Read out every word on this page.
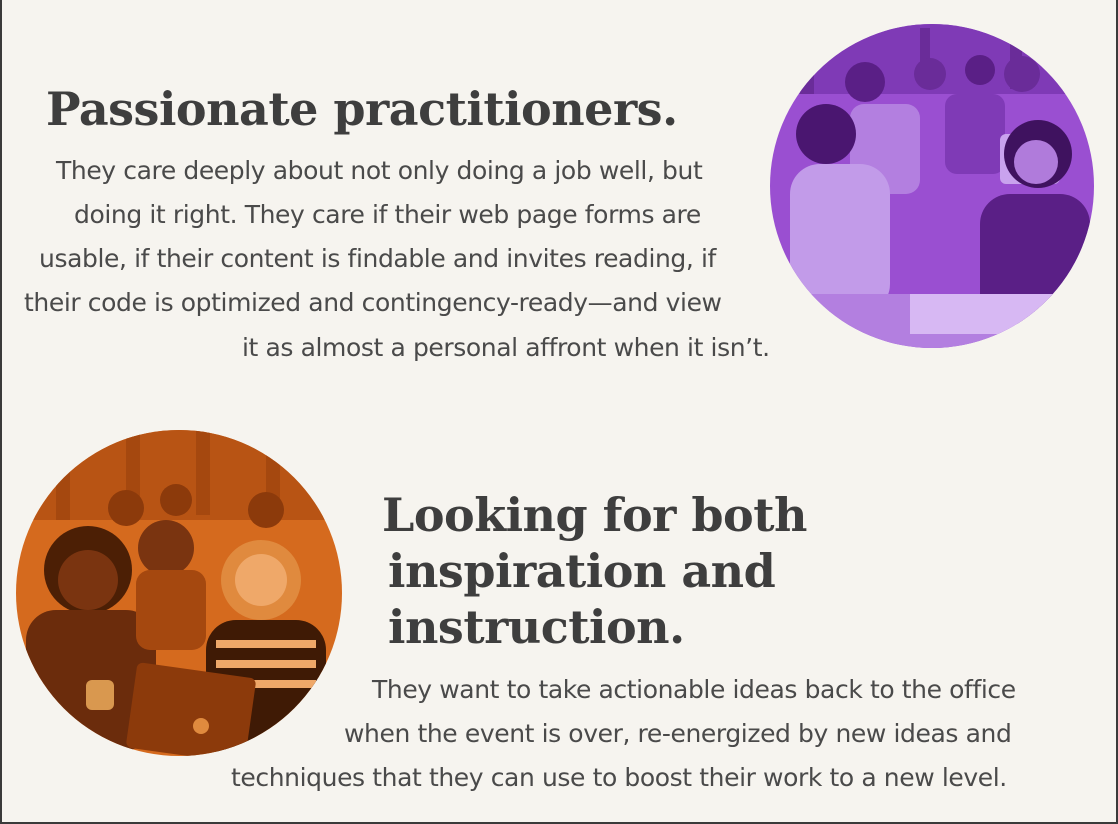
Passionate practitioners.
They care deeply about not only doing a job well, but
doing it right. They care if their web page forms are
usable, if their content is findable and invites reading, if
their code is optimized and contingency-ready—and view
it as almost a personal affront when it isn’t.
Looking for both
inspiration and
instruction.
They want to take actionable ideas back to the office
when the event is over, re-energized by new ideas and
techniques that they can use to boost their work to a new level.
